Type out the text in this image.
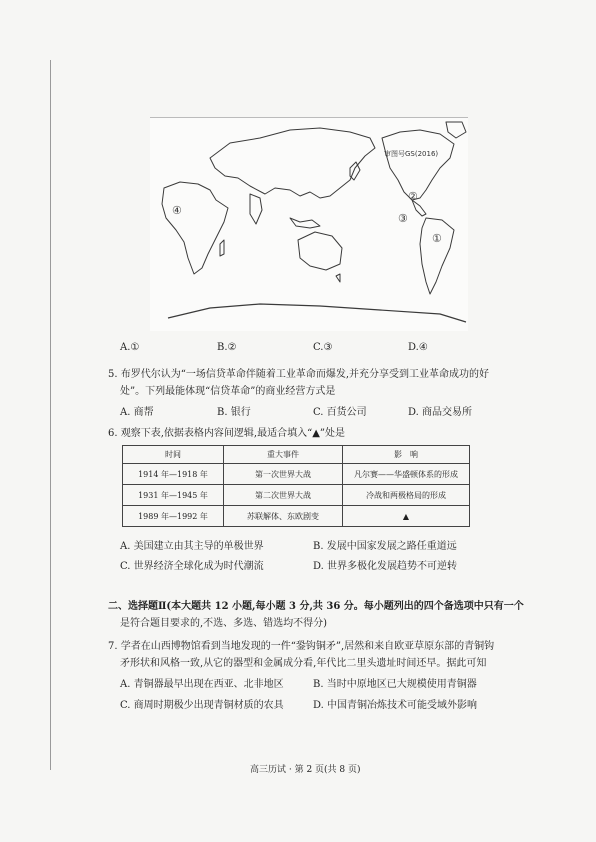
④
①
②
③
审图号GS(2016)
A.①	B.②	C.③	D.④
5. 布罗代尔认为“一场信贷革命伴随着工业革命而爆发,并充分享受到工业革命成功的好
处”。下列最能体现“信贷革命”的商业经营方式是
A. 商帮	B. 银行	C. 百货公司	D. 商品交易所
6. 观察下表,依据表格内容间逻辑,最适合填入“▲”处是
时间	重大事件	影　响
1914 年—1918 年	第一次世界大战	凡尔赛——华盛顿体系的形成
1931 年—1945 年	第二次世界大战	冷战和两极格局的形成
1989 年—1992 年	苏联解体、东欧剧变	▲
A. 美国建立由其主导的单极世界	B. 发展中国家发展之路任重道远
C. 世界经济全球化成为时代潮流	D. 世界多极化发展趋势不可逆转
二、选择题Ⅱ(本大题共 12 小题,每小题 3 分,共 36 分。每小题列出的四个备选项中只有一个
是符合题目要求的,不选、多选、错选均不得分)
7. 学者在山西博物馆看到当地发现的一件“銎钩铜矛”,居然和来自欧亚草原东部的青铜钩
矛形状和风格一致,从它的器型和金属成分看,年代比二里头遗址时间还早。据此可知
A. 青铜器最早出现在西亚、北非地区	B. 当时中原地区已大规模使用青铜器
C. 商周时期极少出现青铜材质的农具	D. 中国青铜冶炼技术可能受域外影响
高三历试 · 第 2 页(共 8 页)
